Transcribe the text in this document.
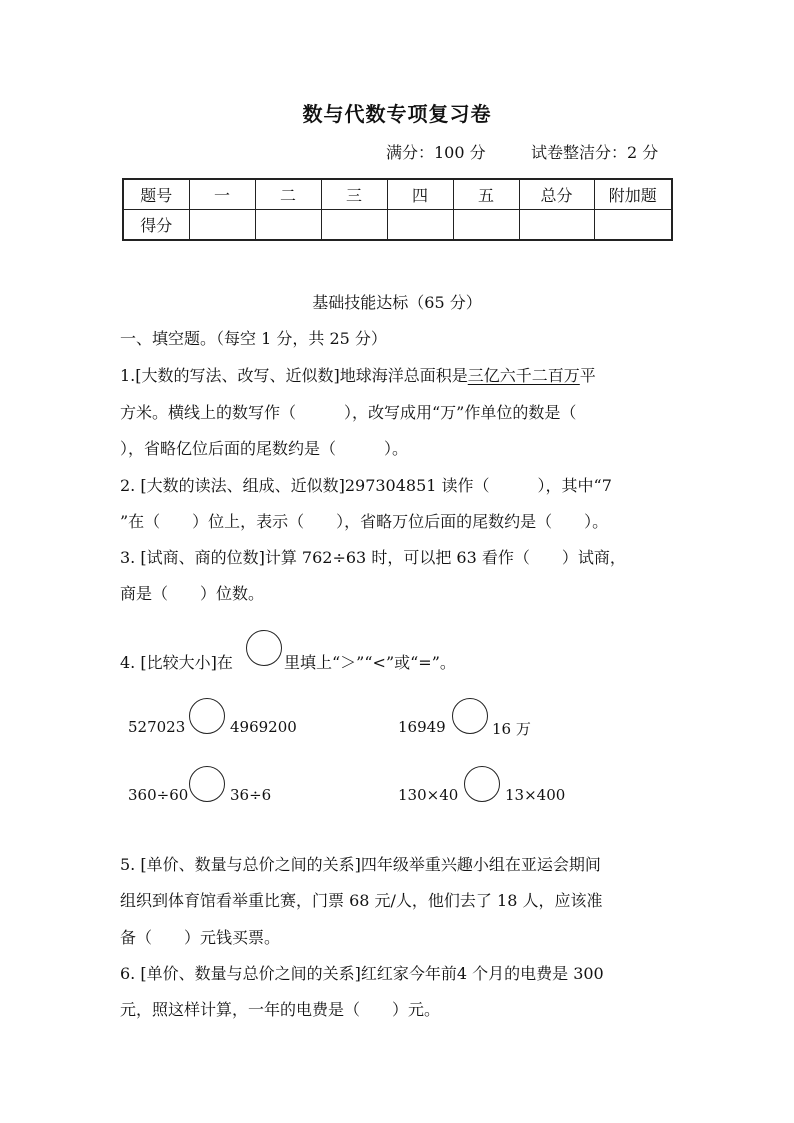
数与代数专项复习卷
满分：100 分	试卷整洁分：2 分
题号	一	二	三	四	五	总分	附加题
得分							
基础技能达标（65 分）
一、填空题。（每空 1 分，共 25 分）
1.[大数的写法、改写、近似数]地球海洋总面积是三亿六千二百万平
方米。横线上的数写作（　　　），改写成用“万”作单位的数是（
），省略亿位后面的尾数约是（　　　）。
2. [大数的读法、组成、近似数]297304851 读作（　　　），其中“7
”在（　　）位上，表示（　　），省略万位后面的尾数约是（　　）。
3. [试商、商的位数]计算 762÷63 时，可以把 63 看作（　　）试商，
商是（　　）位数。
4. [比较大小]在	里填上“＞”“<”或“=”。
527023	4969200	16949	16 万
360÷60	36÷6	130×40	13×400
5. [单价、数量与总价之间的关系]四年级举重兴趣小组在亚运会期间
组织到体育馆看举重比赛，门票 68 元/人，他们去了 18 人，应该准
备（　　）元钱买票。
6. [单价、数量与总价之间的关系]红红家今年前4 个月的电费是 300
元，照这样计算，一年的电费是（　　）元。
